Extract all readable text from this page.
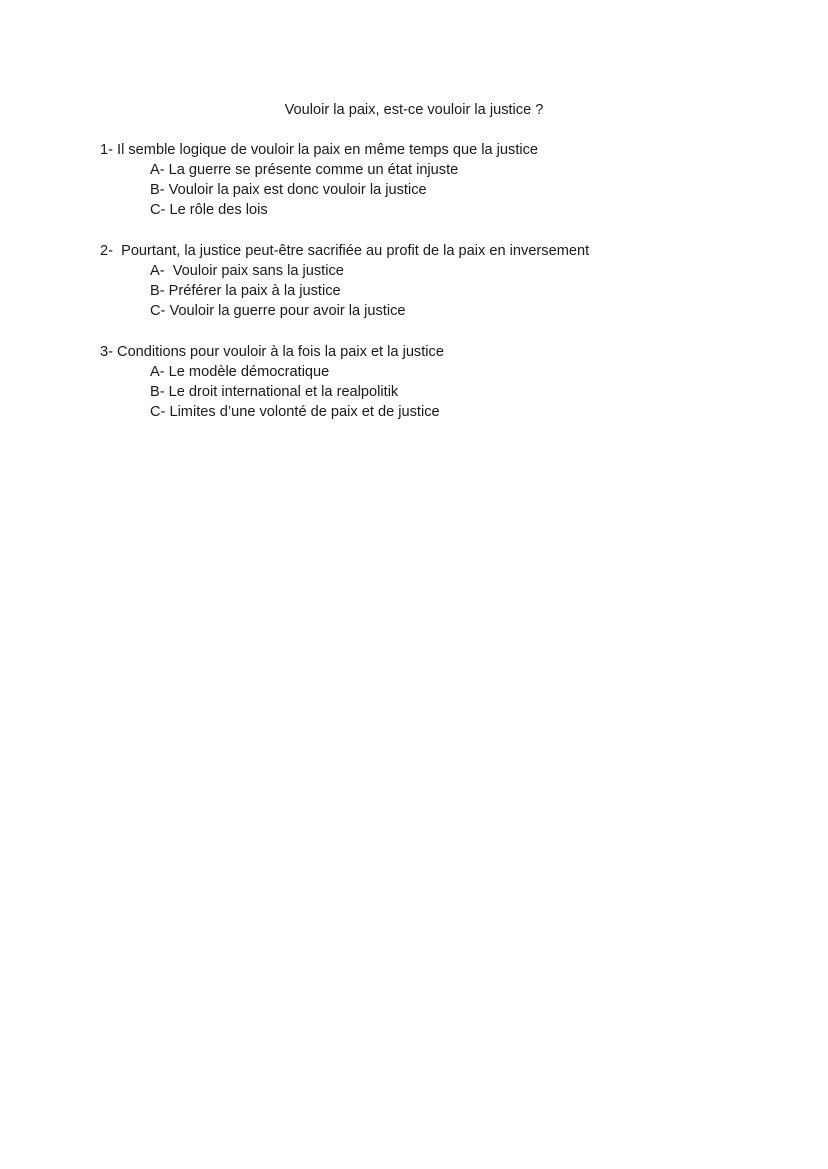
Vouloir la paix, est-ce vouloir la justice ?
1- Il semble logique de vouloir la paix en même temps que la justice
A- La guerre se présente comme un état injuste
B- Vouloir la paix est donc vouloir la justice
C- Le rôle des lois
2-  Pourtant, la justice peut-être sacrifiée au profit de la paix en inversement
A-  Vouloir paix sans la justice
B- Préférer la paix à la justice
C- Vouloir la guerre pour avoir la justice
3- Conditions pour vouloir à la fois la paix et la justice
A- Le modèle démocratique
B- Le droit international et la realpolitik
C- Limites d’une volonté de paix et de justice
